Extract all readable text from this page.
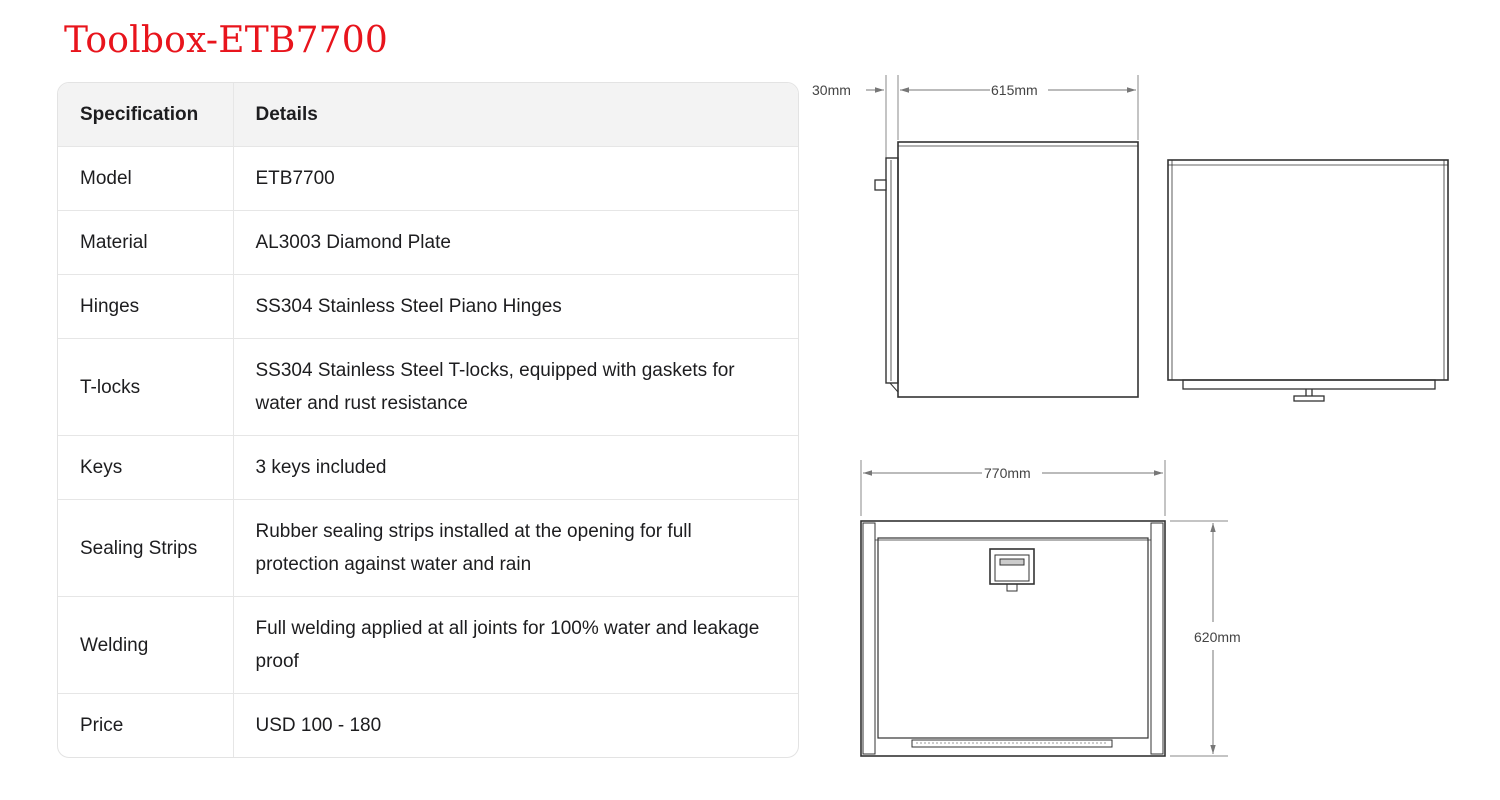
Toolbox-ETB7700
Specification	Details
Model	ETB7700
Material	AL3003 Diamond Plate
Hinges	SS304 Stainless Steel Piano Hinges
T-locks	SS304 Stainless Steel T-locks, equipped with gaskets for water and rust resistance
Keys	3 keys included
Sealing Strips	Rubber sealing strips installed at the opening for full protection against water and rain
Welding	Full welding applied at all joints for 100% water and leakage proof
Price	USD 100 - 180
30mm	615mm
770mm
620mm
